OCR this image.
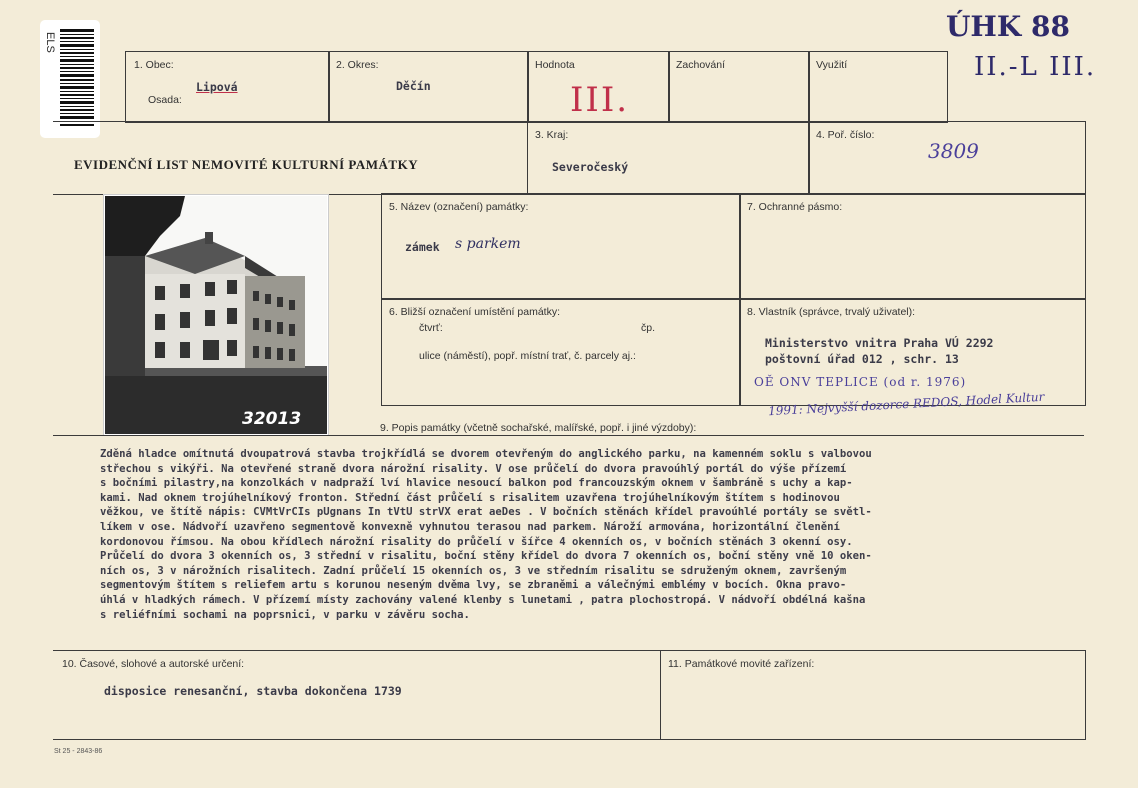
ELS	ÚHK 88
II.-L III.
1. Obec:
Lipová
Osada:
2. Okres:
Děčín
Hodnota
III.
Zachování	Využití
EVIDENČNÍ LIST NEMOVITÉ KULTURNÍ PAMÁTKY
3. Kraj:
Severočeský
4. Poř. číslo:
3809
32013
5. Název (označení) památky:
zámek s parkem
7. Ochranné pásmo:
6. Bližší označení umístění památky:
čtvrť:	čp.
ulice (náměstí), popř. místní trať, č. parcely aj.:
8. Vlastník (správce, trvalý uživatel):
Ministerstvo vnitra Praha VÚ 2292
poštovní úřad 012 , schr. 13
OĚ ONV TEPLICE (od r. 1976)
1991: Nejvyšší dozorce REDOS, Hodel Kultur
9. Popis památky (včetně sochařské, malířské, popř. i jiné výzdoby):
Zděná hladce omítnutá dvoupatrová stavba trojkřídlá se dvorem otevřeným do anglického parku, na kamenném soklu s valbovou
střechou s vikýři. Na otevřené straně dvora nárožní risality. V ose průčelí do dvora pravoúhlý portál do výše přízemí
s bočními pilastry,na konzolkách v nadpraží lví hlavice nesoucí balkon pod francouzským oknem v šambráně s uchy a kap-
kami. Nad oknem trojúhelníkový fronton. Střední část průčelí s risalitem uzavřena trojúhelníkovým štítem s hodinovou
věžkou, ve štítě nápis: CVMtVrCIs pUgnans In tVtU strVX erat aeDes . V bočních stěnách křídel pravoúhlé portály se světl-
líkem v ose. Nádvoří uzavřeno segmentově konvexně vyhnutou terasou nad parkem. Nároží armována, horizontální členění
kordonovou římsou. Na obou křídlech nárožní risality do průčelí v šířce 4 okenních os, v bočních stěnách 3 okenní osy.
Průčelí do dvora 3 okenních os, 3 střední v risalitu, boční stěny křídel do dvora 7 okenních os, boční stěny vně 10 oken-
ních os, 3 v nárožních risalitech. Zadní průčelí 15 okenních os, 3 ve středním risalitu se sdruženým oknem, završeným
segmentovým štítem s reliefem artu s korunou neseným dvěma lvy, se zbraněmi a válečnými emblémy v bocích. Okna pravo-
úhlá v hladkých rámech. V přízemí místy zachovány valené klenby s lunetami , patra plochostropá. V nádvoří obdélná kašna
s reliéfními sochami na poprsnici, v parku v závěru socha.
10. Časové, slohové a autorské určení:
disposice renesanční, stavba dokončena 1739
11. Památkové movité zařízení:
St 25 - 2843-86
